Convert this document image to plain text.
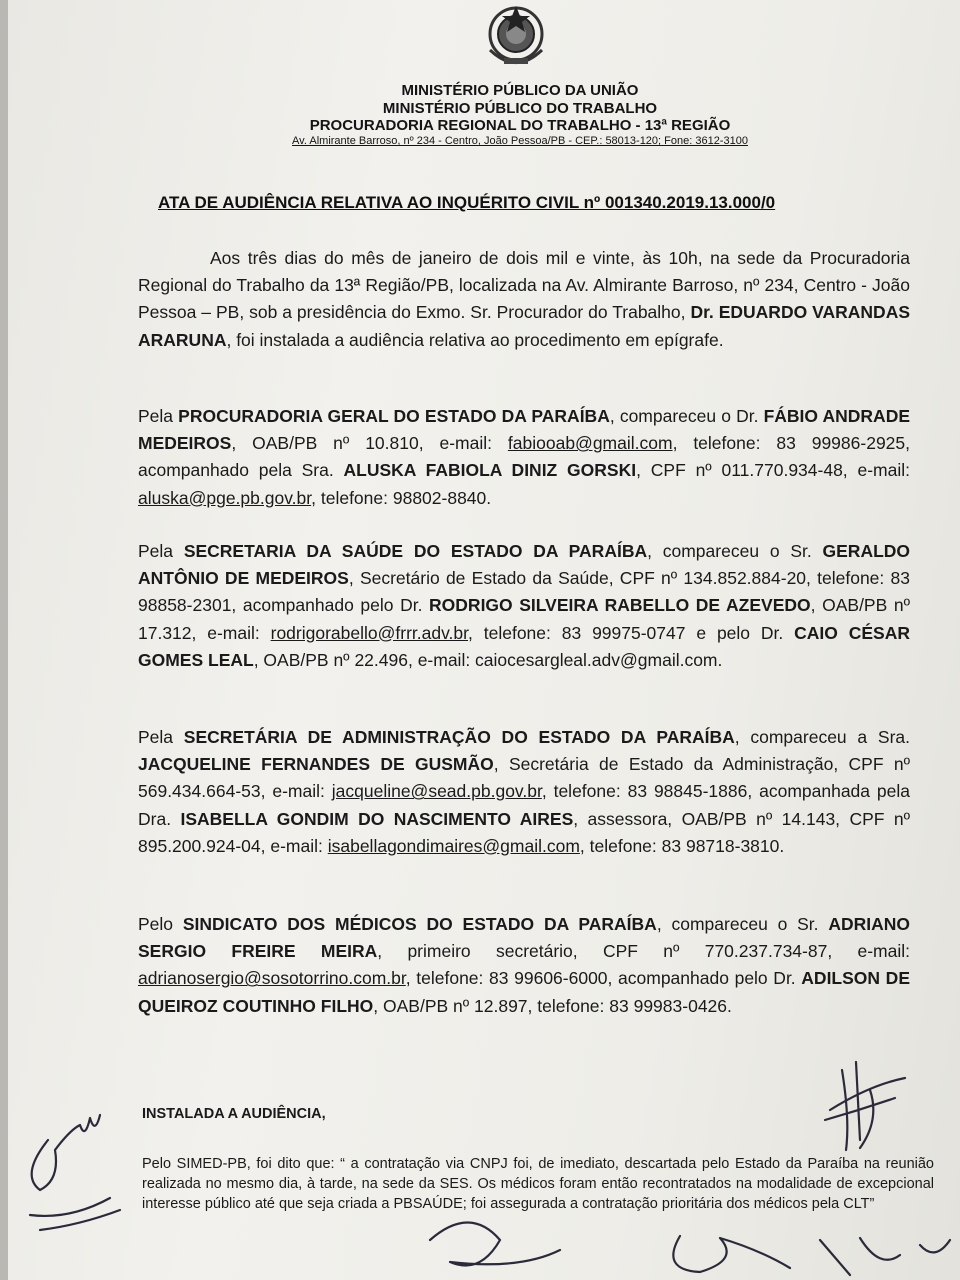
MINISTÉRIO PÚBLICO DA UNIÃO
MINISTÉRIO PÚBLICO DO TRABALHO
PROCURADORIA REGIONAL DO TRABALHO - 13ª REGIÃO
Av. Almirante Barroso, nº 234 - Centro, João Pessoa/PB - CEP.: 58013-120; Fone: 3612-3100
ATA DE AUDIÊNCIA RELATIVA AO INQUÉRITO CIVIL nº 001340.2019.13.000/0
Aos três dias do mês de janeiro de dois mil e vinte, às 10h, na sede da Procuradoria Regional do Trabalho da 13ª Região/PB, localizada na Av. Almirante Barroso, nº 234, Centro - João Pessoa – PB, sob a presidência do Exmo. Sr. Procurador do Trabalho, Dr. EDUARDO VARANDAS ARARUNA, foi instalada a audiência relativa ao procedimento em epígrafe.
Pela PROCURADORIA GERAL DO ESTADO DA PARAÍBA, compareceu o Dr. FÁBIO ANDRADE MEDEIROS, OAB/PB nº 10.810, e-mail: fabiooab@gmail.com, telefone: 83 99986-2925, acompanhado pela Sra. ALUSKA FABIOLA DINIZ GORSKI, CPF nº 011.770.934-48, e-mail: aluska@pge.pb.gov.br, telefone: 98802-8840.
Pela SECRETARIA DA SAÚDE DO ESTADO DA PARAÍBA, compareceu o Sr. GERALDO ANTÔNIO DE MEDEIROS, Secretário de Estado da Saúde, CPF nº 134.852.884-20, telefone: 83 98858-2301, acompanhado pelo Dr. RODRIGO SILVEIRA RABELLO DE AZEVEDO, OAB/PB nº 17.312, e-mail: rodrigorabello@frrr.adv.br, telefone: 83 99975-0747 e pelo Dr. CAIO CÉSAR GOMES LEAL, OAB/PB nº 22.496, e-mail: caiocesargleal.adv@gmail.com.
Pela SECRETÁRIA DE ADMINISTRAÇÃO DO ESTADO DA PARAÍBA, compareceu a Sra. JACQUELINE FERNANDES DE GUSMÃO, Secretária de Estado da Administração, CPF nº 569.434.664-53, e-mail: jacqueline@sead.pb.gov.br, telefone: 83 98845-1886, acompanhada pela Dra. ISABELLA GONDIM DO NASCIMENTO AIRES, assessora, OAB/PB nº 14.143, CPF nº 895.200.924-04, e-mail: isabellagondimaires@gmail.com, telefone: 83 98718-3810.
Pelo SINDICATO DOS MÉDICOS DO ESTADO DA PARAÍBA, compareceu o Sr. ADRIANO SERGIO FREIRE MEIRA, primeiro secretário, CPF nº 770.237.734-87, e-mail: adrianosergio@sosotorrino.com.br, telefone: 83 99606-6000, acompanhado pelo Dr. ADILSON DE QUEIROZ COUTINHO FILHO, OAB/PB nº 12.897, telefone: 83 99983-0426.
INSTALADA A AUDIÊNCIA,
Pelo SIMED-PB, foi dito que: “ a contratação via CNPJ foi, de imediato, descartada pelo Estado da Paraíba na reunião realizada no mesmo dia, à tarde, na sede da SES. Os médicos foram então recontratados na modalidade de excepcional interesse público até que seja criada a PBSAÚDE; foi assegurada a contratação prioritária dos médicos pela CLT”
